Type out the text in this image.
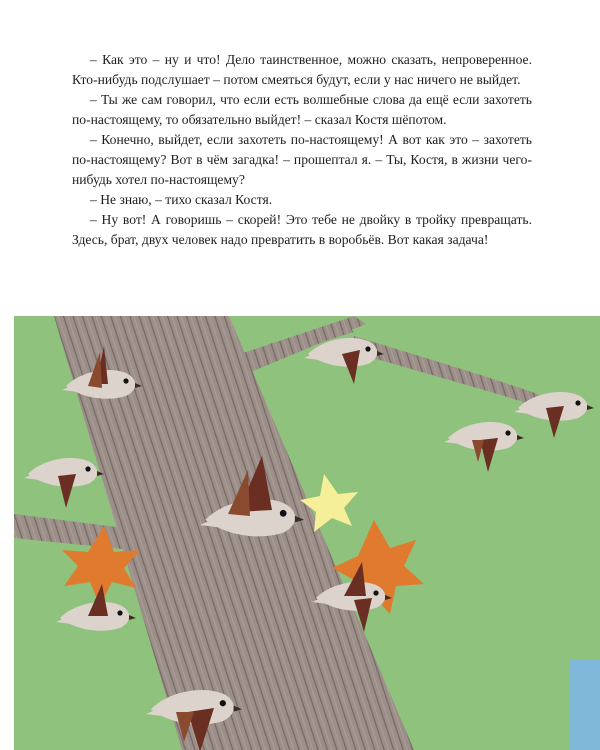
– Как это – ну и что! Дело таинственное, можно сказать, непроверенное. Кто-нибудь подслушает – потом смеяться будут, если у нас ничего не выйдет.

– Ты же сам говорил, что если есть волшебные слова да ещё если захотеть по-настоящему, то обязательно выйдет! – сказал Костя шёпотом.

– Конечно, выйдет, если захотеть по-настоящему! А вот как это – захотеть по-настоящему? Вот в чём загадка! – прошептал я. – Ты, Костя, в жизни чего-нибудь хотел по-настоящему?

– Не знаю, – тихо сказал Костя.

– Ну вот! А говоришь – скорей! Это тебе не двойку в тройку превращать. Здесь, брат, двух человек надо превратить в воробьёв. Вот какая задача!
